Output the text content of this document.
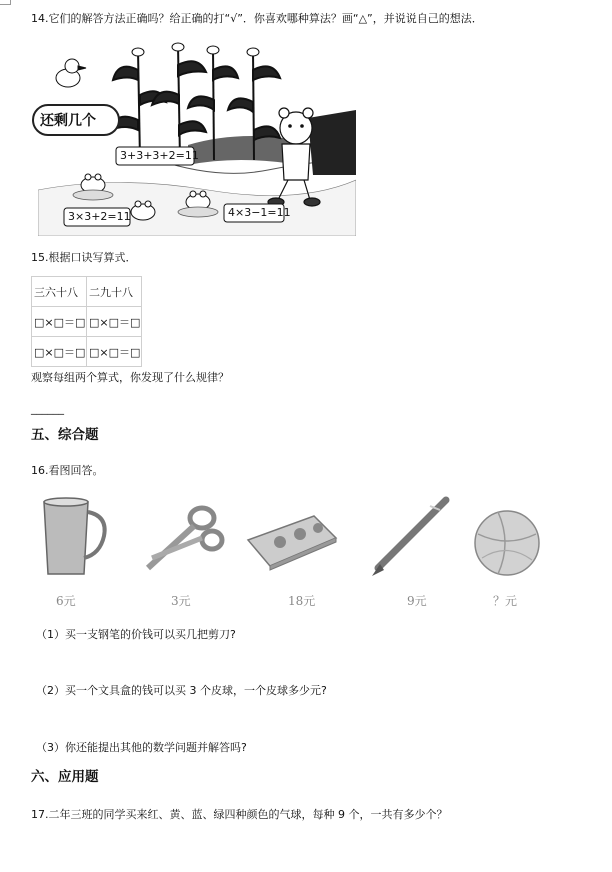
14.它们的解答方法正确吗？给正确的打“√”．你喜欢哪种算法？画“△”，并说说自己的想法．
还剩几个
3+3+3+2=11
3×3+2=11	4×3−1=11
15.根据口诀写算式．
三六十八	二九十八
□×□＝□	□×□＝□
□×□＝□	□×□＝□
观察每组两个算式，你发现了什么规律？
______
五、综合题
16.看图回答。
6元	3元	18元	9元	？元
（1）买一支钢笔的价钱可以买几把剪刀?
（2）买一个文具盒的钱可以买 3 个皮球，一个皮球多少元?
（3）你还能提出其他的数学问题并解答吗?
六、应用题
17.二年三班的同学买来红、黄、蓝、绿四种颜色的气球，每种 9 个，一共有多少个？
